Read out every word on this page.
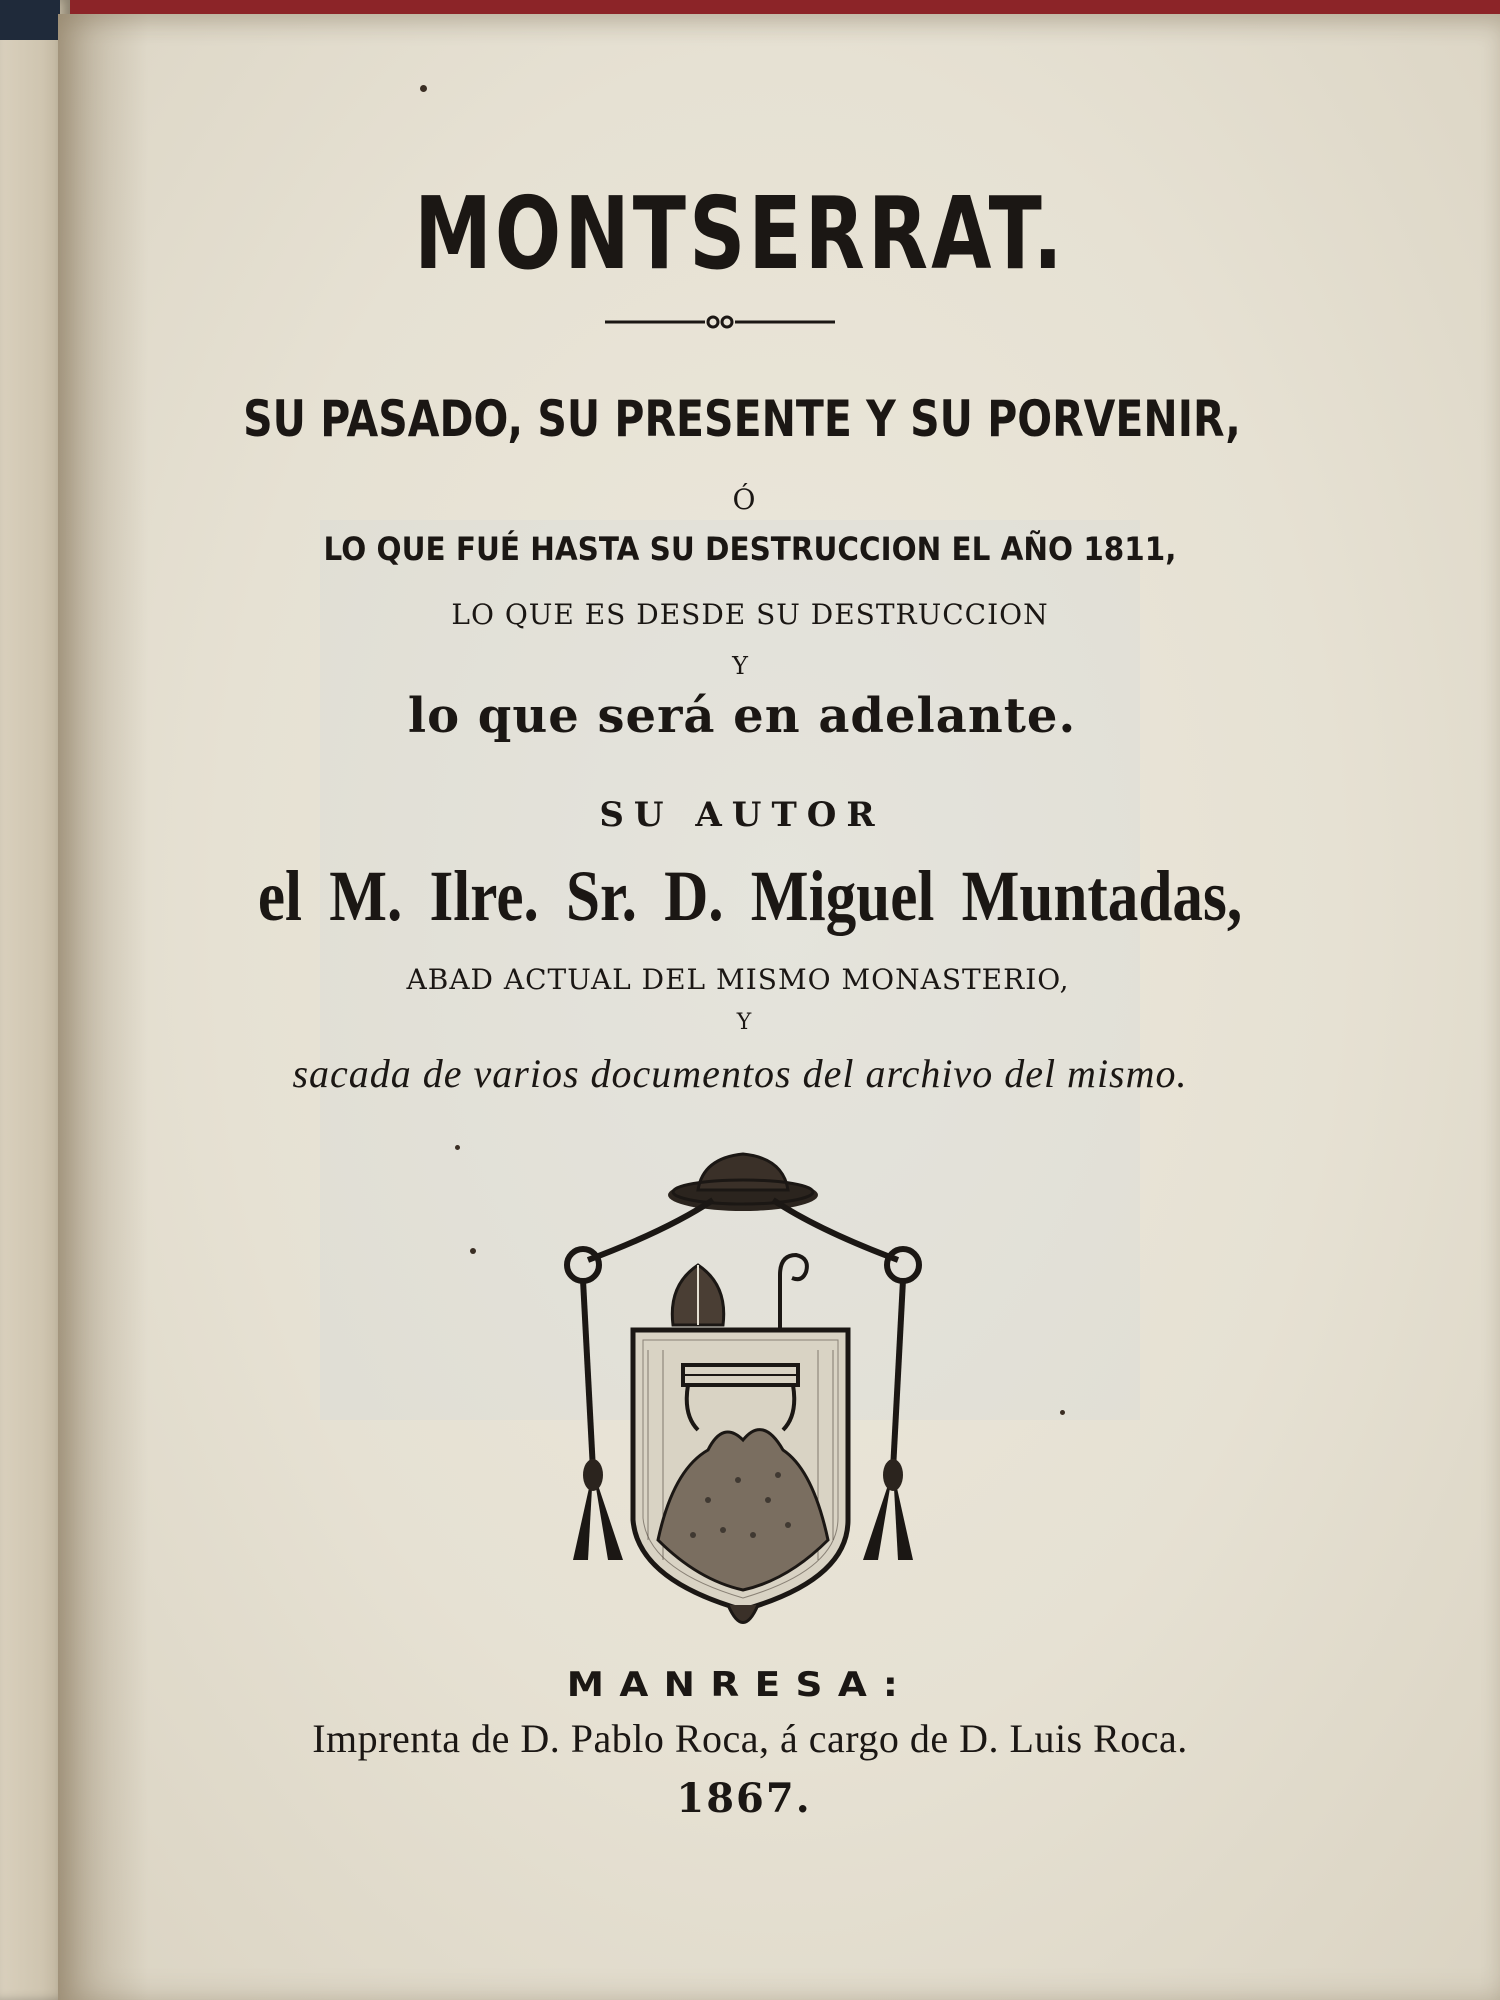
MONTSERRAT.
SU PASADO, SU PRESENTE Y SU PORVENIR,
Ó
LO QUE FUÉ HASTA SU DESTRUCCION EL AÑO 1811,
LO QUE ES DESDE SU DESTRUCCION
Y
lo que será en adelante.
SU AUTOR
el M. Ilre. Sr. D. Miguel Muntadas,
ABAD ACTUAL DEL MISMO MONASTERIO,
Y
sacada de varios documentos del archivo del mismo.
MANRESA:
Imprenta de D. Pablo Roca, á cargo de D. Luis Roca.
1867.
